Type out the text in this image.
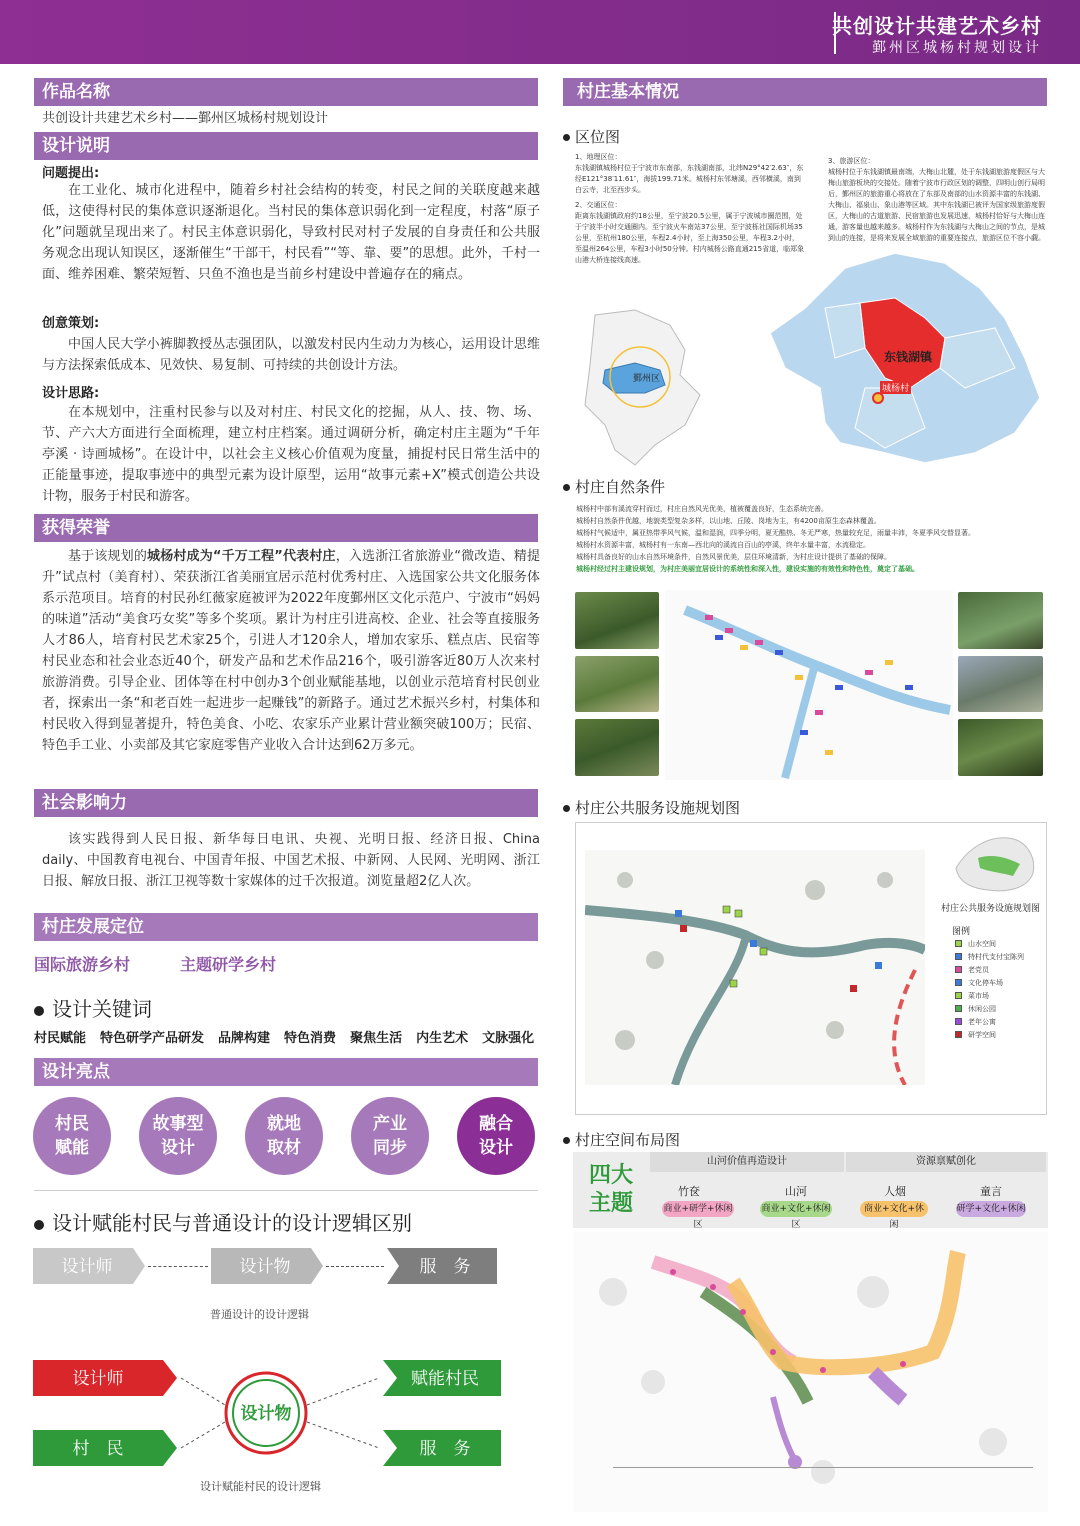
共创设计共建艺术乡村
鄞州区城杨村规划设计
作品名称
共创设计共建艺术乡村——鄞州区城杨村规划设计
设计说明
问题提出:
在工业化、城市化进程中，随着乡村社会结构的转变，村民之间的关联度越来越低，这使得村民的集体意识逐渐退化。当村民的集体意识弱化到一定程度，村落“原子化”问题就呈现出来了。村民主体意识弱化，导致村民对村子发展的自身责任和公共服务观念出现认知误区，逐渐催生“干部干，村民看”“等、靠、要”的思想。此外，千村一面、维养困难、繁荣短暂、只鱼不渔也是当前乡村建设中普遍存在的痛点。
创意策划:
中国人民大学小裤脚教授丛志强团队，以激发村民内生动力为核心，运用设计思维与方法探索低成本、见效快、易复制、可持续的共创设计方法。
设计思路:
在本规划中，注重村民参与以及对村庄、村民文化的挖掘，从人、技、物、场、节、产六大方面进行全面梳理，建立村庄档案。通过调研分析，确定村庄主题为“千年亭溪 · 诗画城杨”。在设计中，以社会主义核心价值观为度量，捕捉村民日常生活中的正能量事迹，提取事迹中的典型元素为设计原型，运用“故事元素+X”模式创造公共设计物，服务于村民和游客。
获得荣誉
基于该规划的城杨村成为“千万工程”代表村庄，入选浙江省旅游业“微改造、精提升”试点村（美育村）、荣获浙江省美丽宜居示范村优秀村庄、入选国家公共文化服务体系示范项目。培育的村民孙红薇家庭被评为2022年度鄞州区文化示范户、宁波市“妈妈的味道”活动“美食巧女奖”等多个奖项。累计为村庄引进高校、企业、社会等直接服务人才86人，培育村民艺术家25个，引进人才120余人，增加农家乐、糕点店、民宿等村民业态和社会业态近40个，研发产品和艺术作品216个，吸引游客近80万人次来村旅游消费。引导企业、团体等在村中创办3个创业赋能基地，以创业示范培育村民创业者，探索出一条“和老百姓一起进步一起赚钱”的新路子。通过艺术振兴乡村，村集体和村民收入得到显著提升，特色美食、小吃、农家乐产业累计营业额突破100万；民宿、特色手工业、小卖部及其它家庭零售产业收入合计达到62万多元。
社会影响力
该实践得到人民日报、新华每日电讯、央视、光明日报、经济日报、China daily、中国教育电视台、中国青年报、中国艺术报、中新网、人民网、光明网、浙江日报、解放日报、浙江卫视等数十家媒体的过千次报道。浏览量超2亿人次。
村庄发展定位
国际旅游乡村	主题研学乡村
设计关键词
村民赋能 特色研学产品研发 品牌构建 特色消费 聚焦生活 内生艺术 文脉强化
设计亮点
村民
赋能
故事型
设计
就地
取材
产业
同步
融合
设计
设计赋能村民与普通设计的设计逻辑区别
设计师	设计物	服　务
普通设计的设计逻辑
设计师
村　民
设计物
赋能村民
服　务
设计赋能村民的设计逻辑
村庄基本情况
区位图
1、地理区位：
东钱湖镇城杨村位于宁波市东南部，东钱湖南部，北纬N29°42′2.63″，东经E121°38′11.61″，海拔199.71米。城杨村东邻塘溪，西邻横溪，南到白云寺，北至西步头。
2、交通区位：
距离东钱湖镇政府约18公里，至宁波20.5公里，属于宁波城市圈范围，处于宁波半小时交通圈内。至宁波火车南站37公里，至宁波栎社国际机场35公里，至杭州180公里，车程2.4小时，至上海350公里，车程3.2小时，至温州264公里，车程3小时50分钟。村内城杨公路直通215省道，临郑象山港大桥连接线高速。
3、旅游区位：
城杨村位于东钱湖镇最南端，大梅山北麓，处于东钱湖旅游度假区与大梅山旅游板块的交接处。随着宁波市行政区划的调整，四明山创行局明后，鄞州区的旅游重心将放在了东部及南部的山水资源丰富的东钱湖、大梅山、福泉山、象山港等区域。其中东钱湖已被评为国家级旅游度假区，大梅山的古道旅游、民宿旅游也发展迅速，城杨村恰好与大梅山连通，游客量也越来越多。城杨村作为东钱湖与大梅山之间的节点，是城到山的连接，是将来发展全域旅游的重要连接点，旅游区位不容小觑。
鄞州区
东钱湖镇
城杨村
村庄自然条件
城杨村中部有溪流穿村而过，村庄自然风光优美，植被覆盖良好，生态系统完善。
城杨村自然条件优越，地貌类型复杂多样，以山地、丘陵、岗地为主，有4200亩原生态森林覆盖。
城杨村气候适中，属亚热带季风气候，温和湿润，四季分明，夏无酷热、冬无严寒，热量较充足，雨量丰沛，冬夏季风交替显著。
城杨村水资源丰富，城杨村有一东南—西北向的溪流自百山的亭溪，终年水量丰富，水流稳定。
城杨村具备良好的山水自然环境条件，自然风景优美，层住环境清新，为村庄设计提供了基础的保障。
城杨村经过村主建设规划，为村庄美丽宜居设计的系统性和深入性，建设实施的有效性和特色性，奠定了基础。
村庄公共服务设施规划图
村庄公共服务设施规划图
图例
山水空间
特村代支付宝陈列
老党员
文化停车场
菜市场
休闲公园
老年公寓
研学空间
村庄空间布局图
四大主题
山河价值再造设计	资源禀赋创化
竹奁	山河	人烟	童言
商业+研学+休闲区
商业+文化+休闲区
商业+文化+休闲
研学+文化+休闲
